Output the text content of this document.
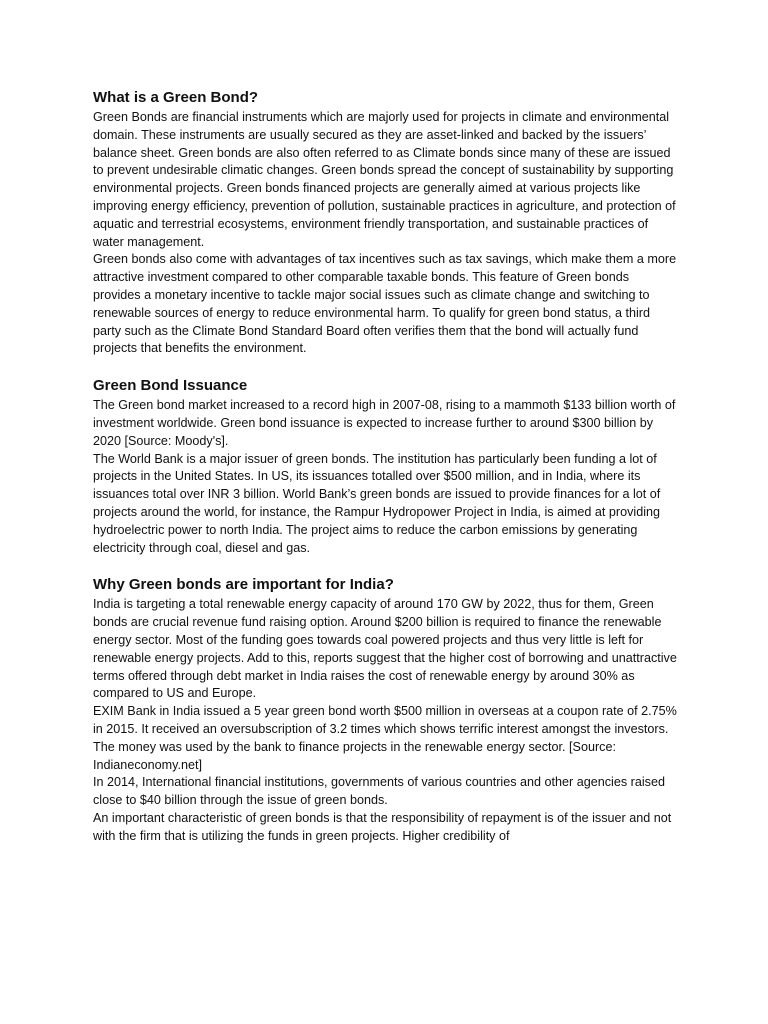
What is a Green Bond?

Green Bonds are financial instruments which are majorly used for projects in climate and environmental domain. These instruments are usually secured as they are asset-linked and backed by the issuers’ balance sheet. Green bonds are also often referred to as Climate bonds since many of these are issued to prevent undesirable climatic changes. Green bonds spread the concept of sustainability by supporting environmental projects. Green bonds financed projects are generally aimed at various projects like improving energy efficiency, prevention of pollution, sustainable practices in agriculture, and protection of aquatic and terrestrial ecosystems, environment friendly transportation, and sustainable practices of water management.

Green bonds also come with advantages of tax incentives such as tax savings, which make them a more attractive investment compared to other comparable taxable bonds. This feature of Green bonds provides a monetary incentive to tackle major social issues such as climate change and switching to renewable sources of energy to reduce environmental harm. To qualify for green bond status, a third party such as the Climate Bond Standard Board often verifies them that the bond will actually fund projects that benefits the environment.

Green Bond Issuance

The Green bond market increased to a record high in 2007-08, rising to a mammoth $133 billion worth of investment worldwide. Green bond issuance is expected to increase further to around $300 billion by 2020 [Source: Moody's].

The World Bank is a major issuer of green bonds. The institution has particularly been funding a lot of projects in the United States. In US, its issuances totalled over $500 million, and in India, where its issuances total over INR 3 billion. World Bank’s green bonds are issued to provide finances for a lot of projects around the world, for instance, the Rampur Hydropower Project in India, is aimed at providing hydroelectric power to north India. The project aims to reduce the carbon emissions by generating electricity through coal, diesel and gas.

Why Green bonds are important for India?

India is targeting a total renewable energy capacity of around 170 GW by 2022, thus for them, Green bonds are crucial revenue fund raising option. Around $200 billion is required to finance the renewable energy sector. Most of the funding goes towards coal powered projects and thus very little is left for renewable energy projects. Add to this, reports suggest that the higher cost of borrowing and unattractive terms offered through debt market in India raises the cost of renewable energy by around 30% as compared to US and Europe.

EXIM Bank in India issued a 5 year green bond worth $500 million in overseas at a coupon rate of 2.75% in 2015. It received an oversubscription of 3.2 times which shows terrific interest amongst the investors. The money was used by the bank to finance projects in the renewable energy sector. [Source: Indianeconomy.net]

In 2014, International financial institutions, governments of various countries and other agencies raised close to $40 billion through the issue of green bonds.

An important characteristic of green bonds is that the responsibility of repayment is of the issuer and not with the firm that is utilizing the funds in green projects. Higher credibility of
